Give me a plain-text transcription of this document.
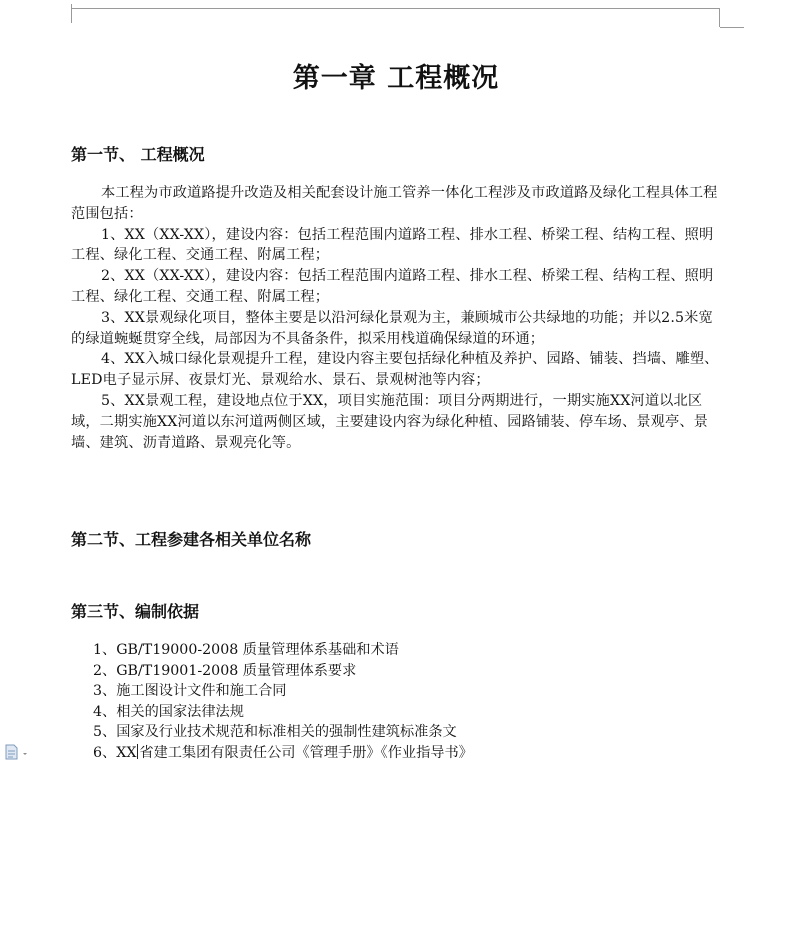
第一章 工程概况
第一节、 工程概况

本工程为市政道路提升改造及相关配套设计施工管养一体化工程涉及市政道路及绿化工程具体工程范围包括：

1、XX（XX-XX），建设内容：包括工程范围内道路工程、排水工程、桥梁工程、结构工程、照明工程、绿化工程、交通工程、附属工程；

2、XX（XX-XX），建设内容：包括工程范围内道路工程、排水工程、桥梁工程、结构工程、照明工程、绿化工程、交通工程、附属工程；

3、XX景观绿化项目，整体主要是以沿河绿化景观为主，兼顾城市公共绿地的功能；并以2.5米宽的绿道蜿蜒贯穿全线，局部因为不具备条件，拟采用栈道确保绿道的环通；

4、XX入城口绿化景观提升工程，建设内容主要包括绿化种植及养护、园路、铺装、挡墙、雕塑、LED电子显示屏、夜景灯光、景观给水、景石、景观树池等内容；

5、XX景观工程，建设地点位于XX，项目实施范围：项目分两期进行，一期实施XX河道以北区域，二期实施XX河道以东河道两侧区域，主要建设内容为绿化种植、园路铺装、停车场、景观亭、景墙、建筑、沥青道路、景观亮化等。

第二节、工程参建各相关单位名称
第三节、编制依据
1、GB/T19000-2008 质量管理体系基础和术语
2、GB/T19001-2008 质量管理体系要求
3、施工图设计文件和施工合同
4、相关的国家法律法规
5、国家及行业技术规范和标准相关的强制性建筑标准条文
6、XX 省建工集团有限责任公司《管理手册》《作业指导书》
